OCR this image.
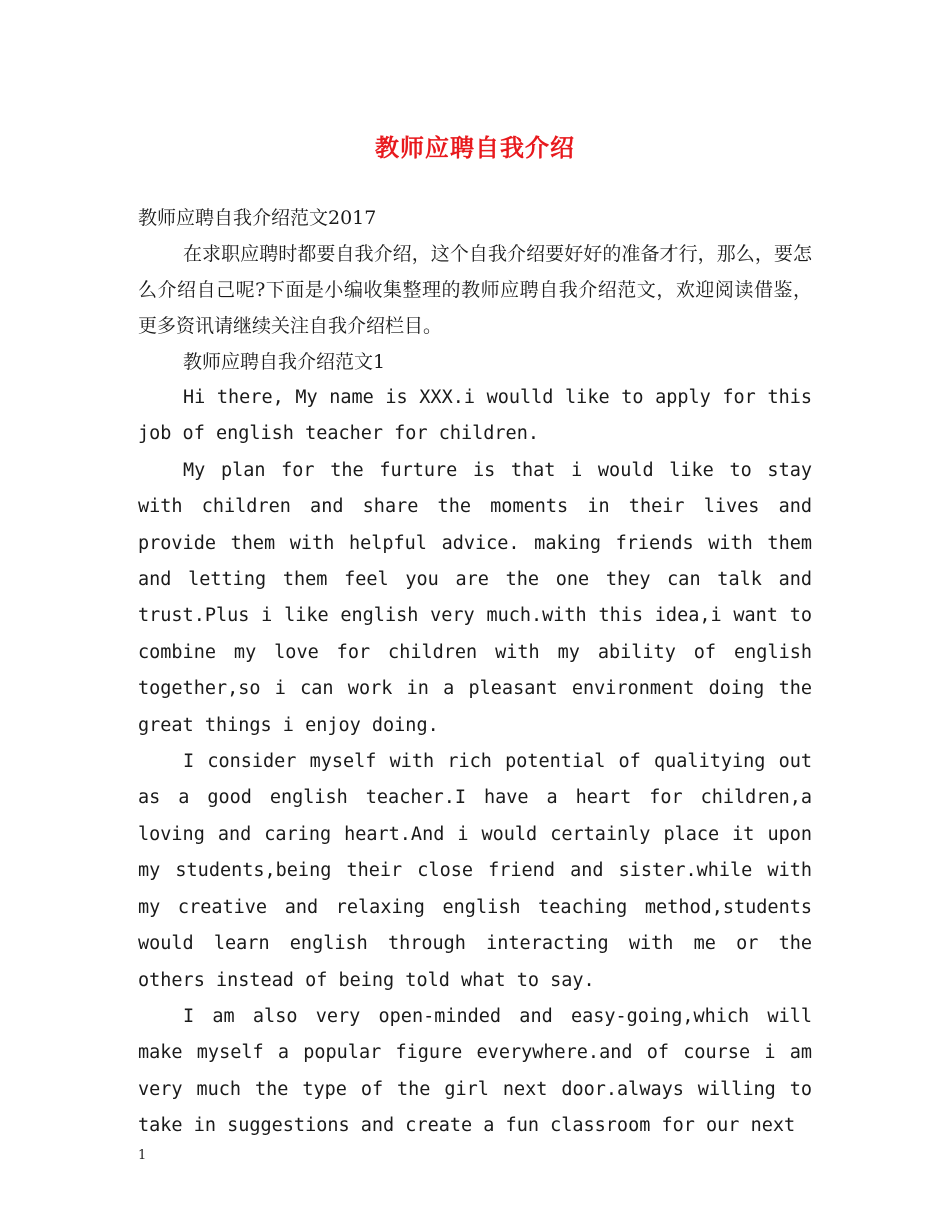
教师应聘自我介绍

教师应聘自我介绍范文2017

在求职应聘时都要自我介绍，这个自我介绍要好好的准备才行，那么，要怎么介绍自己呢?下面是小编收集整理的教师应聘自我介绍范文，欢迎阅读借鉴，更多资讯请继续关注自我介绍栏目。

教师应聘自我介绍范文1

Hi there, My name is XXX.i woulld like to apply for this job of english teacher for children.

My plan for the furture is that i would like to stay with children and share the moments in their lives and provide them with helpful advice. making friends with them and letting them feel you are the one they can talk and trust.Plus i like english very much.with this idea,i want to combine my love for children with my ability of english together,so i can work in a pleasant environment doing the great things i enjoy doing.

I consider myself with rich potential of qualitying out as a good english teacher.I have a heart for children,a loving and caring heart.And i would certainly place it upon my students,being their close friend and sister.while with my creative and relaxing english teaching method,students would learn english through interacting with me or the others instead of being told what to say.

I am also very open-minded and easy-going,which will make myself a popular figure everywhere.and of course i am very much the type of the girl next door.always willing to take in suggestions and create a fun classroom for our next

1
